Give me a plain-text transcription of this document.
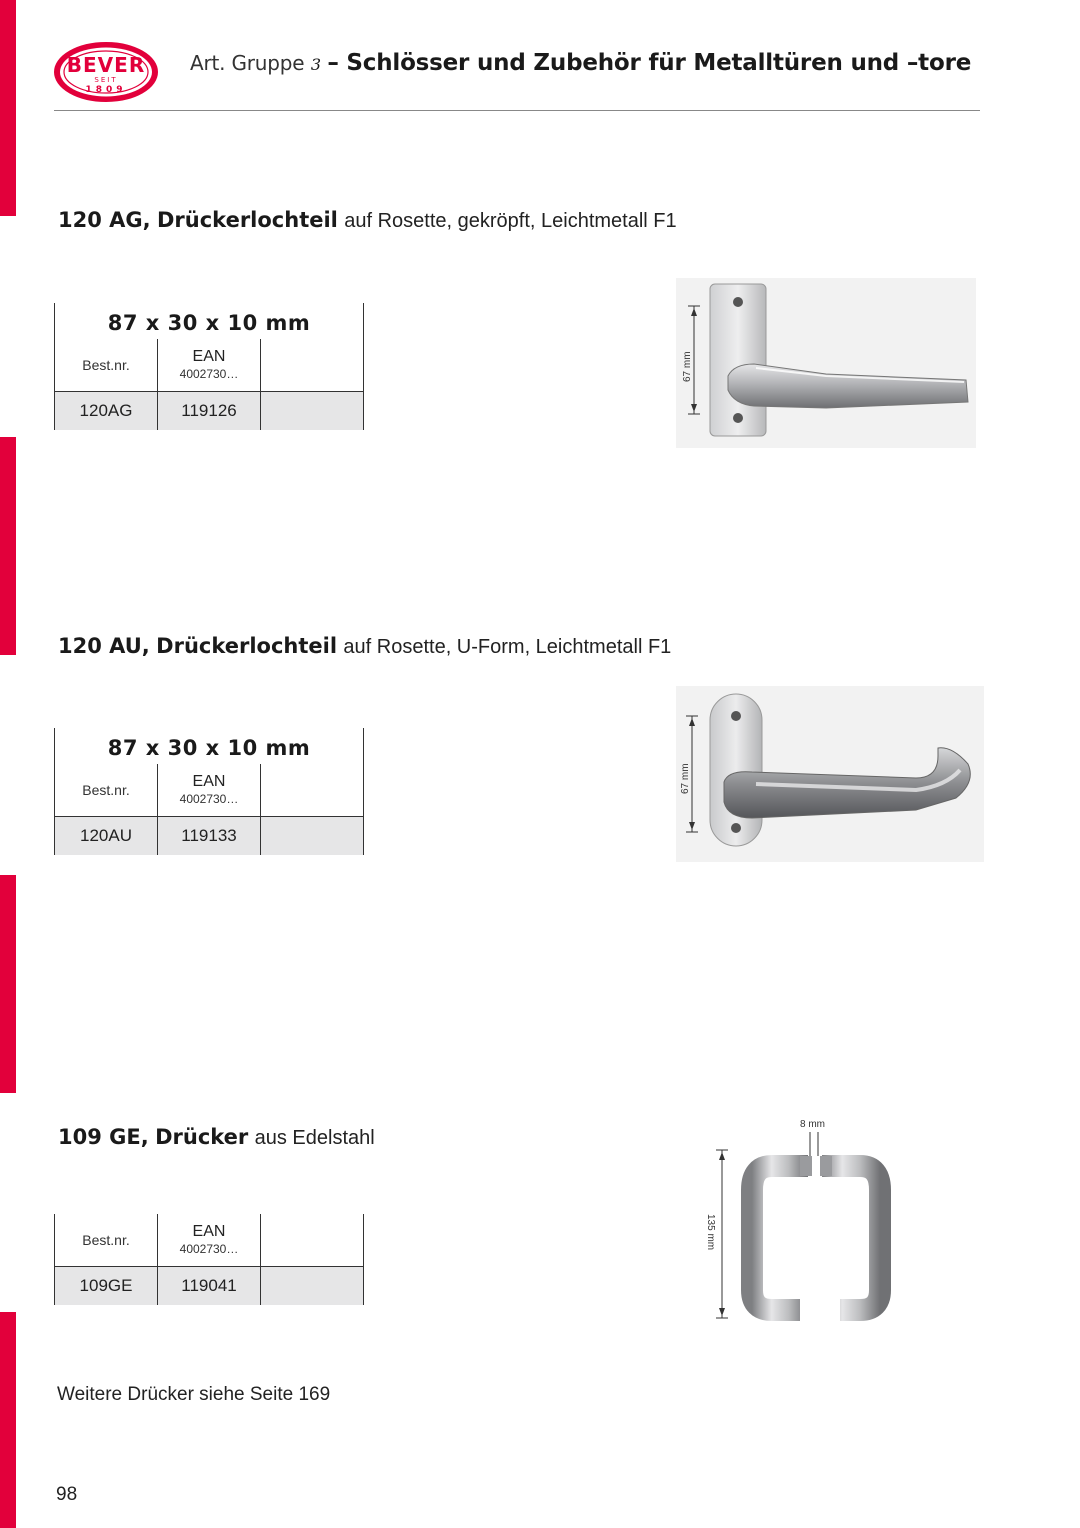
BEVER
SEIT
1809
Art. Gruppe 3 – Schlösser und Zubehör für Metalltüren und –tore
120 AG, Drückerlochteil auf Rosette, gekröpft, Leichtmetall F1
87 x 30 x 10 mm
Best.nr.	EAN
4002730…
120AG	119126
67 mm
120 AU, Drückerlochteil auf Rosette, U-Form, Leichtmetall F1
87 x 30 x 10 mm
Best.nr.	EAN
4002730…
120AU	119133
67 mm
109 GE, Drücker aus Edelstahl
Best.nr.	EAN
4002730…
109GE	119041
8 mm
135 mm
Weitere Drücker siehe Seite 169
98
